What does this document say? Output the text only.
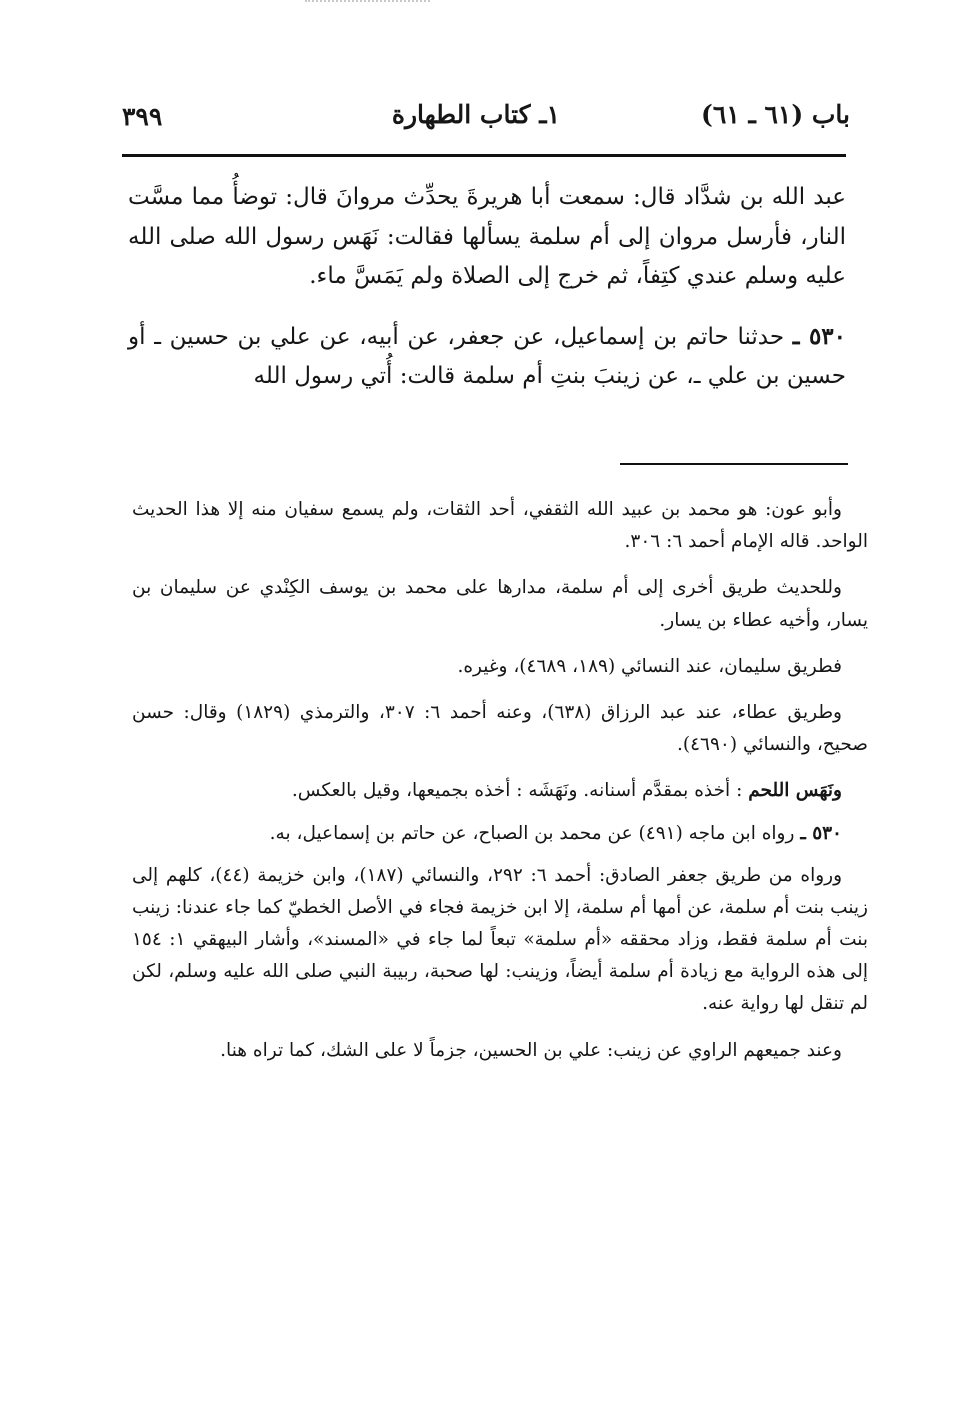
باب (٦١ ـ ٦١)
١ـ كتاب الطهارة
٣٩٩

عبد الله بن شدَّاد قال: سمعت أبا هريرةَ يحدِّث مروانَ قال: توضأُ مما مسَّت النار، فأرسل مروان إلى أم سلمة يسألها فقالت: نَهَس رسول الله صلى الله عليه وسلم عندي كتِفاً، ثم خرج إلى الصلاة ولم يَمَسَّ ماء.

٥٣٠ ـ حدثنا حاتم بن إسماعيل، عن جعفر، عن أبيه، عن علي بن حسين ـ أو حسين بن علي ـ، عن زينبَ بنتِ أم سلمة قالت: أُتي رسول الله

وأبو عون: هو محمد بن عبيد الله الثقفي، أحد الثقات، ولم يسمع سفيان منه إلا هذا الحديث الواحد. قاله الإمام أحمد ٦: ٣٠٦.

وللحديث طريق أخرى إلى أم سلمة، مدارها على محمد بن يوسف الكِنْدي عن سليمان بن يسار، وأخيه عطاء بن يسار.

فطريق سليمان، عند النسائي (١٨٩، ٤٦٨٩)، وغيره.

وطريق عطاء، عند عبد الرزاق (٦٣٨)، وعنه أحمد ٦: ٣٠٧، والترمذي (١٨٢٩) وقال: حسن صحيح، والنسائي (٤٦٩٠).

ونَهَس اللحم : أخذه بمقدَّم أسنانه. ونَهَشَه : أخذه بجميعها، وقيل بالعكس.

٥٣٠ ـ رواه ابن ماجه (٤٩١) عن محمد بن الصباح، عن حاتم بن إسماعيل، به.

ورواه من طريق جعفر الصادق: أحمد ٦: ٢٩٢، والنسائي (١٨٧)، وابن خزيمة (٤٤)، كلهم إلى زينب بنت أم سلمة، عن أمها أم سلمة، إلا ابن خزيمة فجاء في الأصل الخطيّ كما جاء عندنا: زينب بنت أم سلمة فقط، وزاد محققه «أم سلمة» تبعاً لما جاء في «المسند»، وأشار البيهقي ١: ١٥٤ إلى هذه الرواية مع زيادة أم سلمة أيضاً، وزينب: لها صحبة، ربيبة النبي صلى الله عليه وسلم، لكن لم تنقل لها رواية عنه.

وعند جميعهم الراوي عن زينب: علي بن الحسين، جزماً لا على الشك، كما تراه هنا.
